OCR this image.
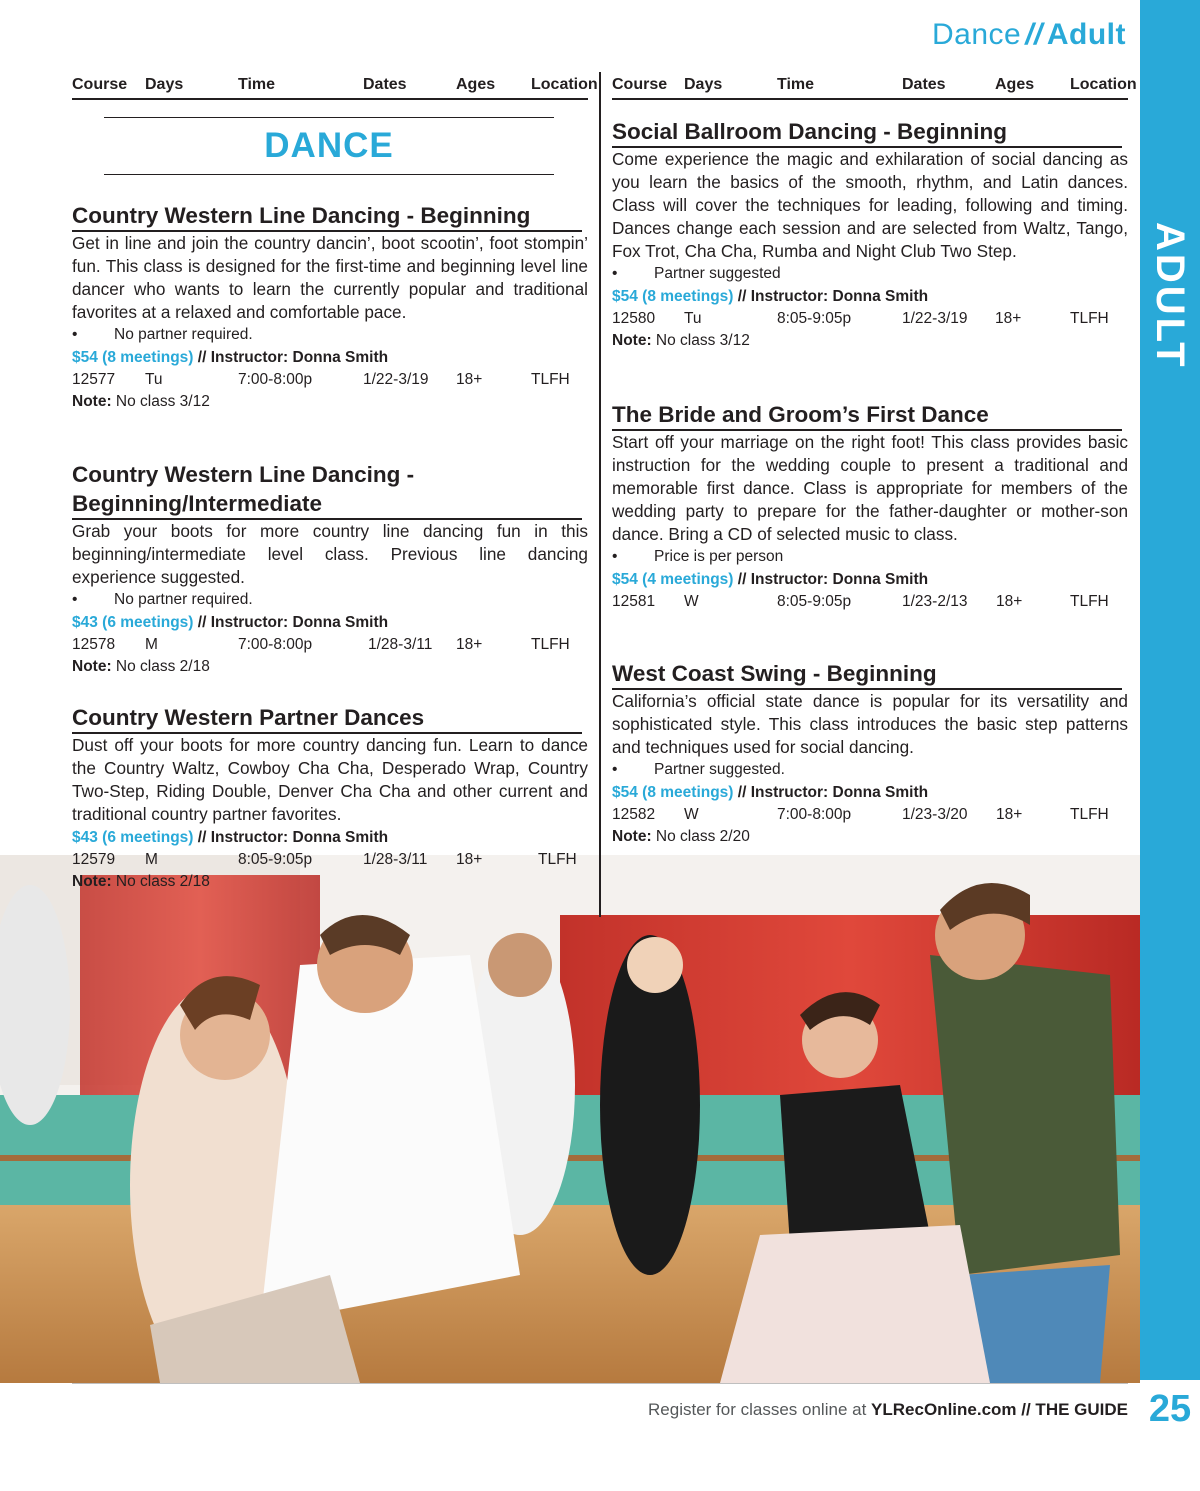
Dance // Adult
ADULT
Course Days	Time	Dates	Ages Location
DANCE
Country Western Line Dancing - Beginning

Get in line and join the country dancin’, boot scootin’, foot stompin’ fun. This class is designed for the first-time and beginning level line dancer who wants to learn the currently popular and traditional favorites at a relaxed and comfortable pace.

• No partner required.
$54 (8 meetings) // Instructor: Donna Smith
12577 Tu	7:00-8:00p	1/22-3/19 18+	TLFH
Note: No class 3/12
Country Western Line Dancing -
Beginning/Intermediate

Grab your boots for more country line dancing fun in this beginning/intermediate level class. Previous line dancing experience suggested.

• No partner required.
$43 (6 meetings) // Instructor: Donna Smith
12578 M	7:00-8:00p	1/28-3/11 18+	TLFH
Note: No class 2/18
Country Western Partner Dances

Dust off your boots for more country dancing fun. Learn to dance the Country Waltz, Cowboy Cha Cha, Desperado Wrap, Country Two-Step, Riding Double, Denver Cha Cha and other current and traditional country partner favorites.

$43 (6 meetings) // Instructor: Donna Smith
12579 M	8:05-9:05p	1/28-3/11 18+	TLFH
Note: No class 2/18
Course Days	Time	Dates	Ages Location
Social Ballroom Dancing - Beginning

Come experience the magic and exhilaration of social dancing as you learn the basics of the smooth, rhythm, and Latin dances. Class will cover the techniques for leading, following and timing. Dances change each session and are selected from Waltz, Tango, Fox Trot, Cha Cha, Rumba and Night Club Two Step.

• Partner suggested
$54 (8 meetings) // Instructor: Donna Smith
12580 Tu	8:05-9:05p	1/22-3/19 18+	TLFH
Note: No class 3/12
The Bride and Groom’s First Dance

Start off your marriage on the right foot! This class provides basic instruction for the wedding couple to present a traditional and memorable first dance. Class is appropriate for members of the wedding party to prepare for the father-daughter or mother-son dance. Bring a CD of selected music to class.

• Price is per person
$54 (4 meetings) // Instructor: Donna Smith
12581 W	8:05-9:05p	1/23-2/13 18+	TLFH
West Coast Swing - Beginning

California’s official state dance is popular for its versatility and sophisticated style. This class introduces the basic step patterns and techniques used for social dancing.

• Partner suggested.
$54 (8 meetings) // Instructor: Donna Smith
12582 W	7:00-8:00p	1/23-3/20 18+	TLFH
Note: No class 2/20
Register for classes online at YLRecOnline.com // THE GUIDE 25
